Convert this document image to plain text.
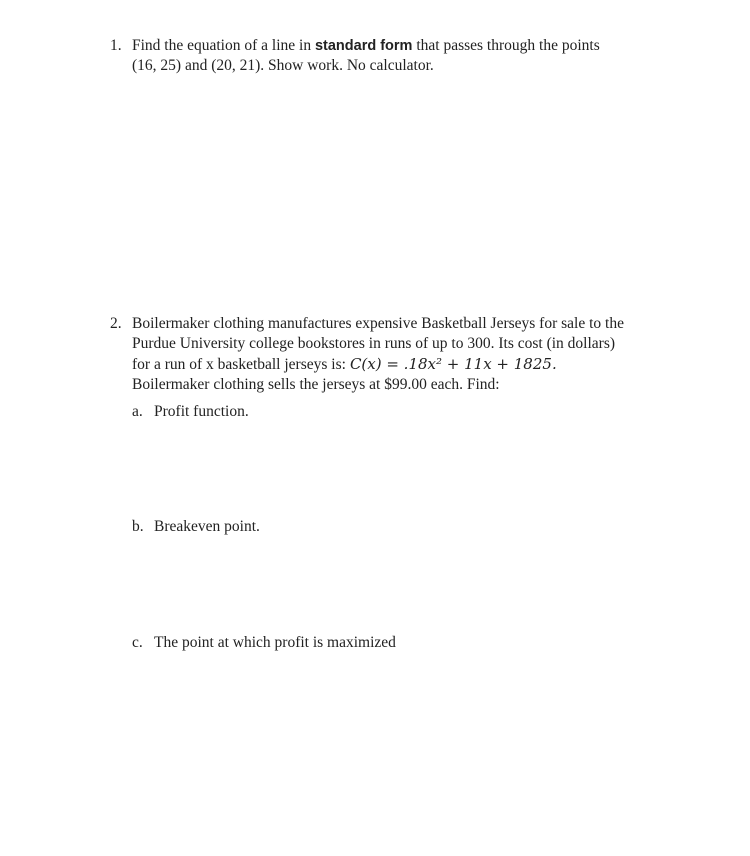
1. Find the equation of a line in standard form that passes through the points
(16, 25) and (20, 21). Show work. No calculator.
2. Boilermaker clothing manufactures expensive Basketball Jerseys for sale to the
Purdue University college bookstores in runs of up to 300. Its cost (in dollars)
for a run of x basketball jerseys is: C(x) = .18x² + 11x + 1825.
Boilermaker clothing sells the jerseys at $99.00 each. Find:
a. Profit function.
b. Breakeven point.
c. The point at which profit is maximized
